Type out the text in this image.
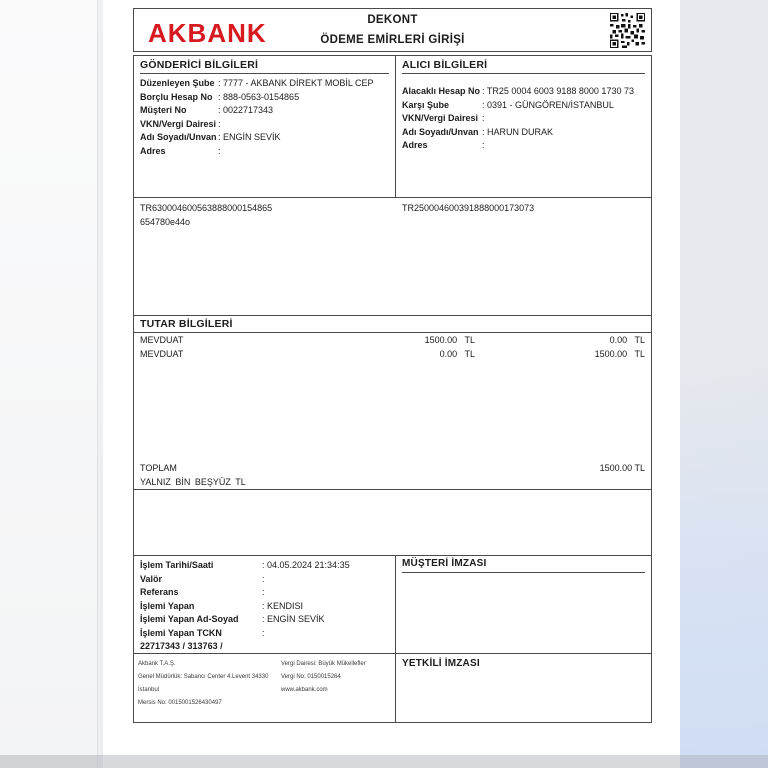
AKBANK	DEKONT
ÖDEME EMİRLERİ GİRİŞİ
GÖNDERİCİ BİLGİLERİ
Düzenleyen Şube : 7777 - AKBANK DİREKT MOBİL CEP
Borçlu Hesap No : 888-0563-0154865
Müşteri No	: 0022717343
VKN/Vergi Dairesi :
Adı Soyadı/Unvan : ENGİN SEVİK
Adres	:
ALICI BİLGİLERİ
Alacaklı Hesap No : TR25 0004 6003 9188 8000 1730 73
Karşı Şube	: 0391 - GÜNGÖREN/İSTANBUL
VKN/Vergi Dairesi :
Adı Soyadı/Unvan : HARUN DURAK
Adres	:
TR630004600563888000154865
654780e44o
TR250004600391888000173073
TUTAR BİLGİLERİ
MEVDUAT	1500.00 TL	0.00 TL
MEVDUAT	0.00 TL	1500.00 TL
TOPLAM	1500.00 TL
YALNIZ BİN BEŞYÜZ TL
İşlem Tarihi/Saati	: 04.05.2024 21:34:35
Valör	:
Referans	:
İşlemi Yapan	: KENDISI
İşlemi Yapan Ad-Soyad	: ENGİN SEVİK
İşlemi Yapan TCKN	:
22717343 / 313763 /
Akbank T.A.Ş.
Genel Müdürlük: Sabancı Center 4.Levent 34330
İstanbul
Mersis No: 0015001526430497
Vergi Dairesi: Büyük Mükellefler
Vergi No: 0150015264
www.akbank.com
MÜŞTERİ İMZASI
YETKİLİ İMZASI
